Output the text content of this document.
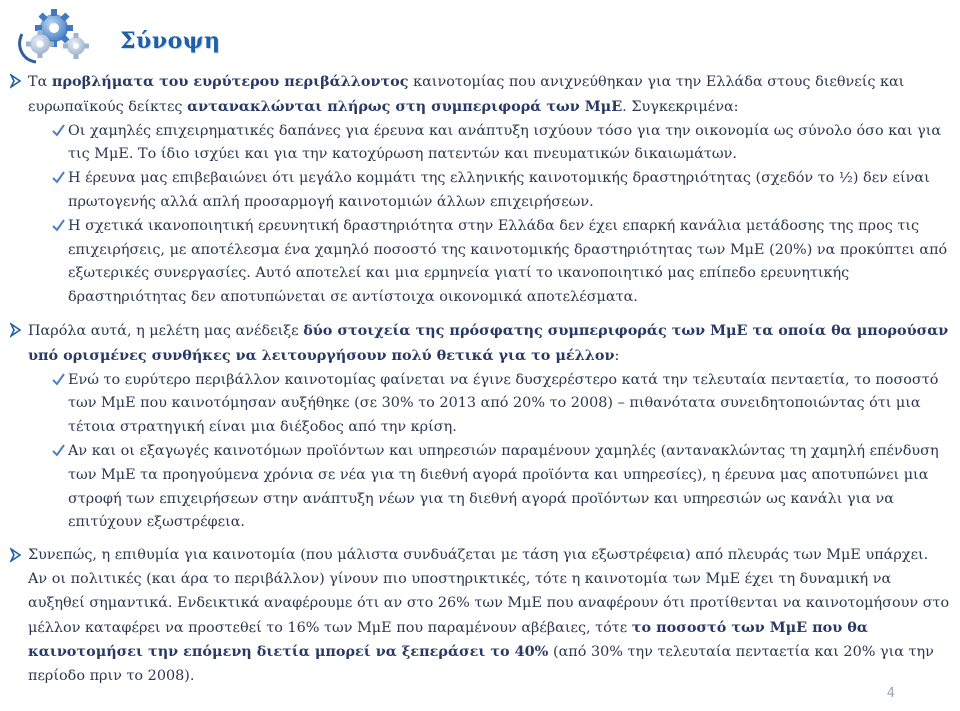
Σύνοψη
Τα προβλήματα του ευρύτερου περιβάλλοντος καινοτομίας που ανιχνεύθηκαν για την Ελλάδα στους διεθνείς και ευρωπαϊκούς δείκτες αντανακλώνται πλήρως στη συμπεριφορά των ΜμΕ. Συγκεκριμένα:
Οι χαμηλές επιχειρηματικές δαπάνες για έρευνα και ανάπτυξη ισχύουν τόσο για την οικονομία ως σύνολο όσο και για τις ΜμΕ. Το ίδιο ισχύει και για την κατοχύρωση πατεντών και πνευματικών δικαιωμάτων.
Η έρευνα μας επιβεβαιώνει ότι μεγάλο κομμάτι της ελληνικής καινοτομικής δραστηριότητας (σχεδόν το ½) δεν είναι πρωτογενής αλλά απλή προσαρμογή καινοτομιών άλλων επιχειρήσεων.
Η σχετικά ικανοποιητική ερευνητική δραστηριότητα στην Ελλάδα δεν έχει επαρκή κανάλια μετάδοσης της προς τις επιχειρήσεις, με αποτέλεσμα ένα χαμηλό ποσοστό της καινοτομικής δραστηριότητας των ΜμΕ (20%) να προκύπτει από εξωτερικές συνεργασίες. Αυτό αποτελεί και μια ερμηνεία γιατί το ικανοποιητικό μας επίπεδο ερευνητικής δραστηριότητας δεν αποτυπώνεται σε αντίστοιχα οικονομικά αποτελέσματα.
Παρόλα αυτά, η μελέτη μας ανέδειξε δύο στοιχεία της πρόσφατης συμπεριφοράς των ΜμΕ τα οποία θα μπορούσαν υπό ορισμένες συνθήκες να λειτουργήσουν πολύ θετικά για το μέλλον:
Ενώ το ευρύτερο περιβάλλον καινοτομίας φαίνεται να έγινε δυσχερέστερο κατά την τελευταία πενταετία, το ποσοστό των ΜμΕ που καινοτόμησαν αυξήθηκε (σε 30% το 2013 από 20% το 2008) – πιθανότατα συνειδητοποιώντας ότι μια τέτοια στρατηγική είναι μια διέξοδος από την κρίση.
Αν και οι εξαγωγές καινοτόμων προϊόντων και υπηρεσιών παραμένουν χαμηλές (αντανακλώντας τη χαμηλή επένδυση των ΜμΕ τα προηγούμενα χρόνια σε νέα για τη διεθνή αγορά προϊόντα και υπηρεσίες), η έρευνα μας αποτυπώνει μια στροφή των επιχειρήσεων στην ανάπτυξη νέων για τη διεθνή αγορά προϊόντων και υπηρεσιών ως κανάλι για να επιτύχουν εξωστρέφεια.
Συνεπώς, η επιθυμία για καινοτομία (που μάλιστα συνδυάζεται με τάση για εξωστρέφεια) από πλευράς των ΜμΕ υπάρχει. Αν οι πολιτικές (και άρα το περιβάλλον) γίνουν πιο υποστηρικτικές, τότε η καινοτομία των ΜμΕ έχει τη δυναμική να αυξηθεί σημαντικά. Ενδεικτικά αναφέρουμε ότι αν στο 26% των ΜμΕ που αναφέρουν ότι προτίθενται να καινοτομήσουν στο μέλλον καταφέρει να προστεθεί το 16% των ΜμΕ που παραμένουν αβέβαιες, τότε το ποσοστό των ΜμΕ που θα καινοτομήσει την επόμενη διετία μπορεί να ξεπεράσει το 40% (από 30% την τελευταία πενταετία και 20% για την περίοδο πριν το 2008).
4
